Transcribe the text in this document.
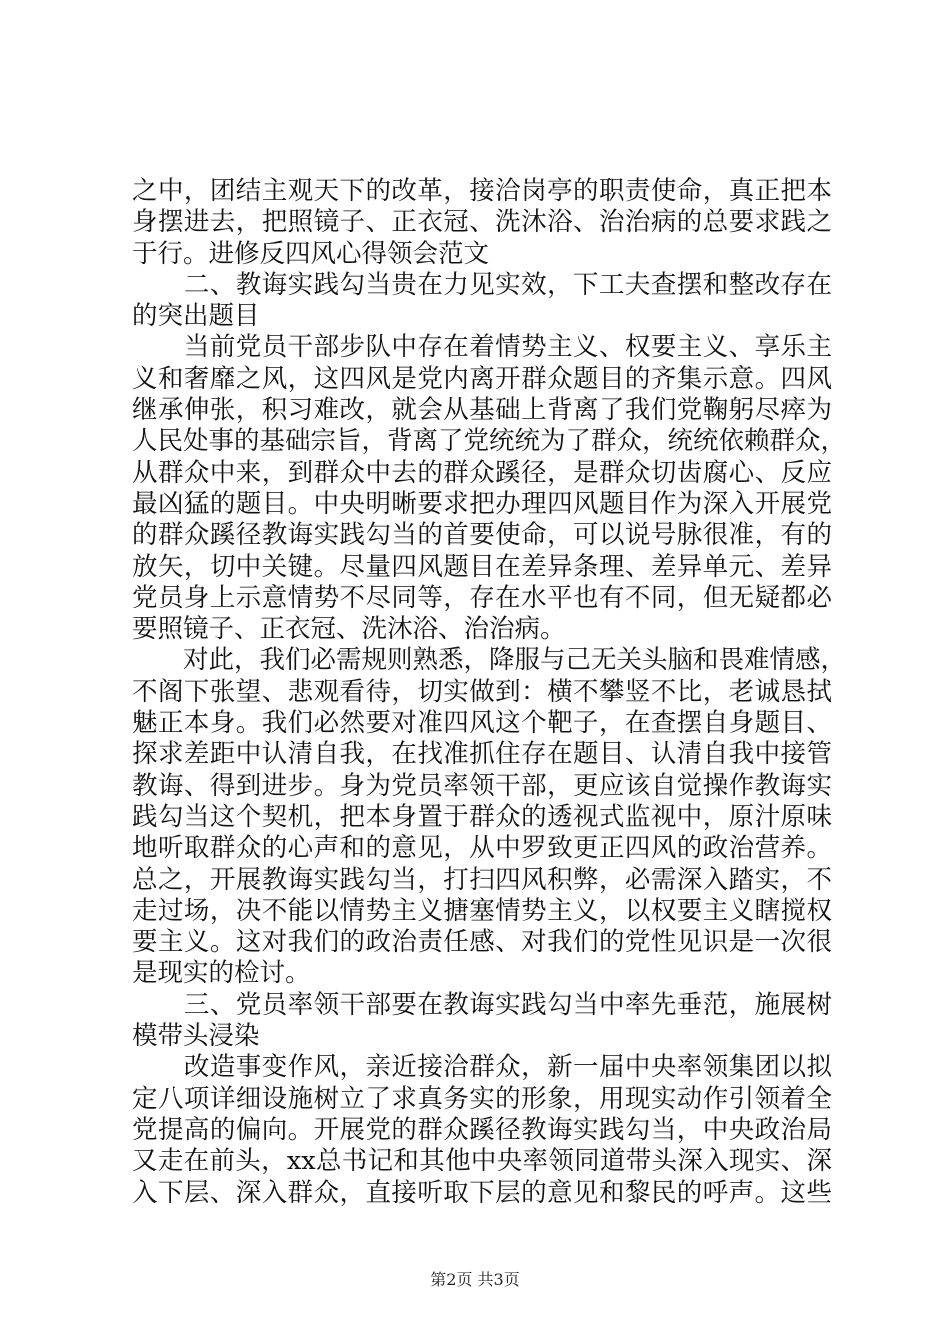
之中，团结主观天下的改革，接洽岗亭的职责使命，真正把本
身摆进去，把照镜子、正衣冠、洗沐浴、治治病的总要求践之
于行。进修反四风心得领会范文
　　二、教诲实践勾当贵在力见实效，下工夫查摆和整改存在
的突出题目
　　当前党员干部步队中存在着情势主义、权要主义、享乐主
义和奢靡之风，这四风是党内离开群众题目的齐集示意。四风
继承伸张，积习难改，就会从基础上背离了我们党鞠躬尽瘁为
人民处事的基础宗旨，背离了党统统为了群众，统统依赖群众，
从群众中来，到群众中去的群众蹊径，是群众切齿腐心、反应
最凶猛的题目。中央明晰要求把办理四风题目作为深入开展党
的群众蹊径教诲实践勾当的首要使命，可以说号脉很准，有的
放矢，切中关键。尽量四风题目在差异条理、差异单元、差异
党员身上示意情势不尽同等，存在水平也有不同，但无疑都必
要照镜子、正衣冠、洗沐浴、治治病。
　　对此，我们必需规则熟悉，降服与己无关头脑和畏难情感，
不阁下张望、悲观看待，切实做到：横不攀竖不比，老诚恳拭
魅正本身。我们必然要对准四风这个靶子，在查摆自身题目、
探求差距中认清自我，在找准抓住存在题目、认清自我中接管
教诲、得到进步。身为党员率领干部，更应该自觉操作教诲实
践勾当这个契机，把本身置于群众的透视式监视中，原汁原味
地听取群众的心声和的意见，从中罗致更正四风的政治营养。
总之，开展教诲实践勾当，打扫四风积弊，必需深入踏实，不
走过场，决不能以情势主义搪塞情势主义，以权要主义瞎搅权
要主义。这对我们的政治责任感、对我们的党性见识是一次很
是现实的检讨。
　　三、党员率领干部要在教诲实践勾当中率先垂范，施展树
模带头浸染
　　改造事变作风，亲近接洽群众，新一届中央率领集团以拟
定八项详细设施树立了求真务实的形象，用现实动作引领着全
党提高的偏向。开展党的群众蹊径教诲实践勾当，中央政治局
又走在前头，xx总书记和其他中央率领同道带头深入现实、深
入下层、深入群众，直接听取下层的意见和黎民的呼声。这些
第2页 共3页
